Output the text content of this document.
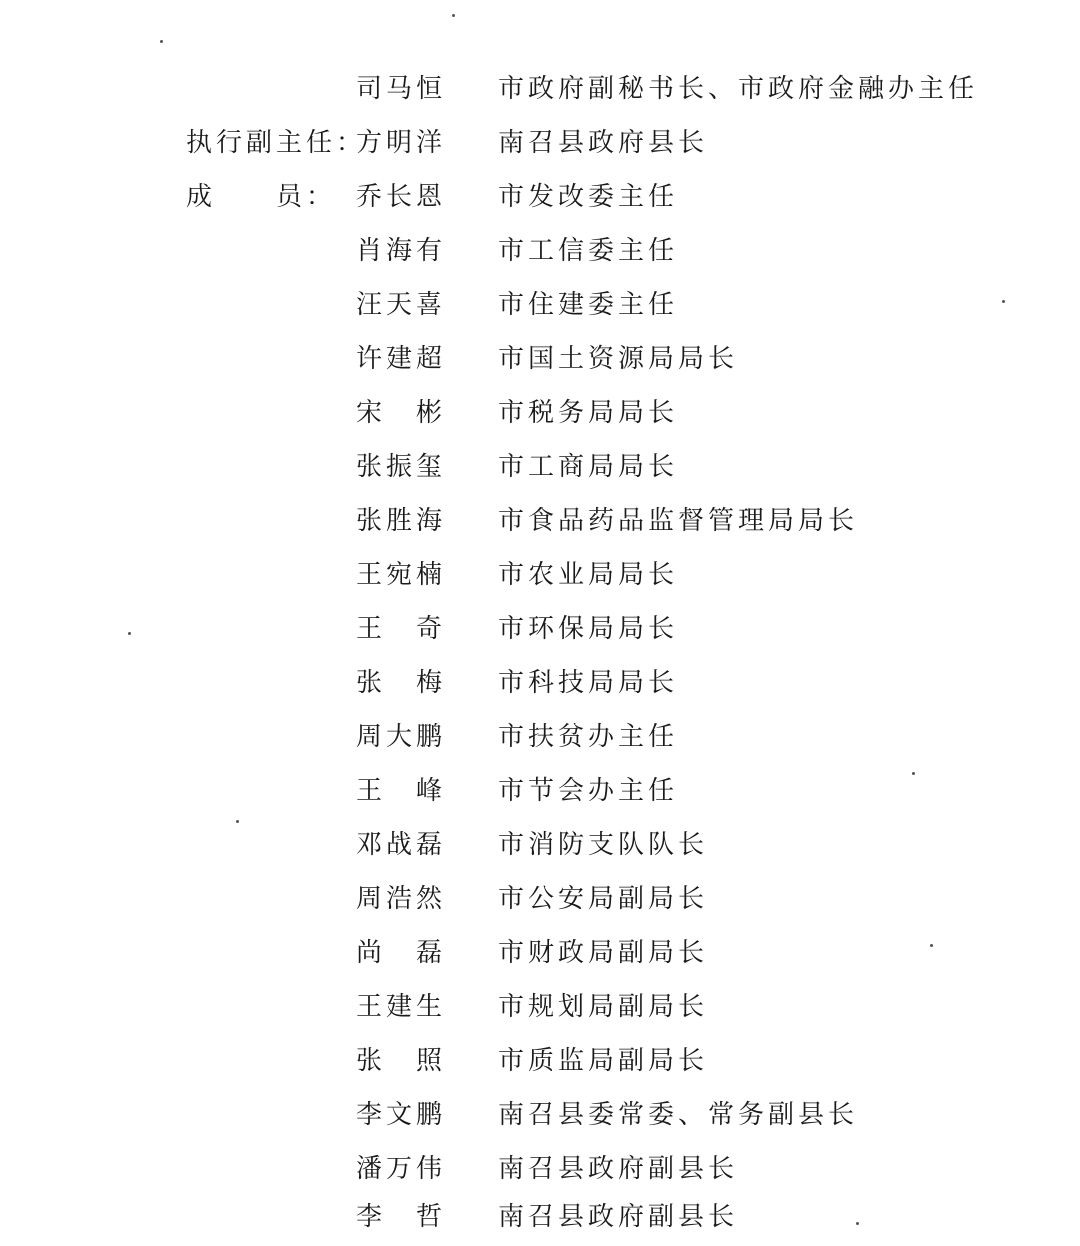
司马恒 市政府副秘书长、市政府金融办主任
执行副主任：
方明洋 南召县政府县长
成　　员： 乔长恩 市发改委主任
肖海有 市工信委主任
汪天喜 市住建委主任
许建超 市国土资源局局长
宋　彬 市税务局局长
张振玺 市工商局局长
张胜海 市食品药品监督管理局局长
王宛楠 市农业局局长
王　奇 市环保局局长
张　梅 市科技局局长
周大鹏 市扶贫办主任
王　峰 市节会办主任
邓战磊 市消防支队队长
周浩然 市公安局副局长
尚　磊 市财政局副局长
王建生 市规划局副局长
张　照 市质监局副局长
李文鹏 南召县委常委、常务副县长
潘万伟 南召县政府副县长
李　哲 南召县政府副县长
